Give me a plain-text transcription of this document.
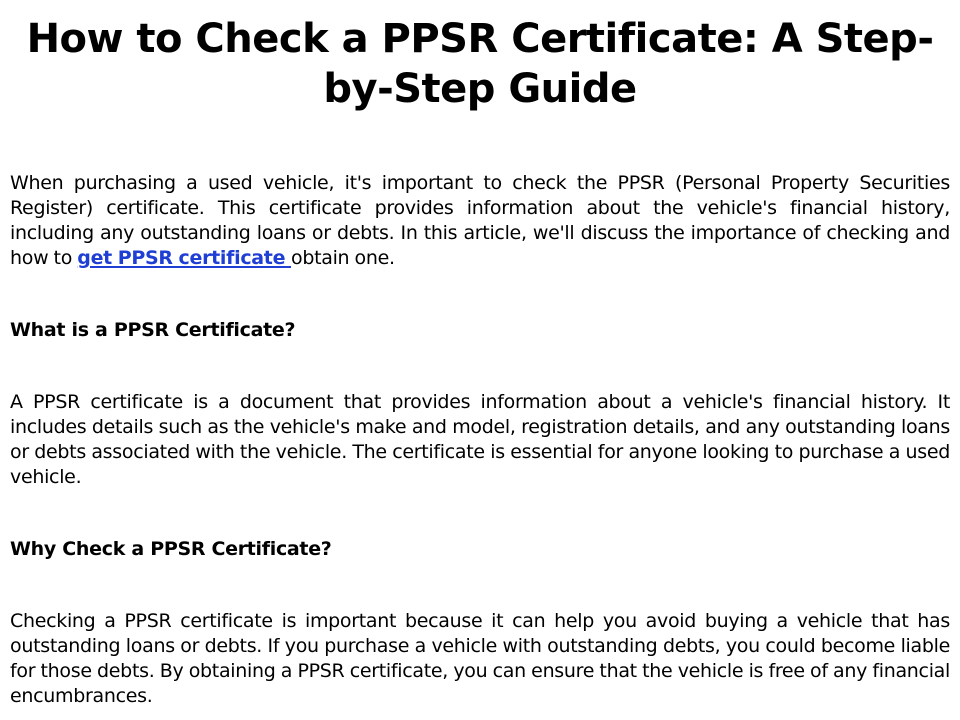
How to Check a PPSR Certificate: A Step-by-Step Guide

When purchasing a used vehicle, it's important to check the PPSR (Personal Property Securities Register) certificate. This certificate provides information about the vehicle's financial history, including any outstanding loans or debts. In this article, we'll discuss the importance of checking and how to get PPSR certificate obtain one.

What is a PPSR Certificate?

A PPSR certificate is a document that provides information about a vehicle's financial history. It includes details such as the vehicle's make and model, registration details, and any outstanding loans or debts associated with the vehicle. The certificate is essential for anyone looking to purchase a used vehicle.

Why Check a PPSR Certificate?

Checking a PPSR certificate is important because it can help you avoid buying a vehicle that has outstanding loans or debts. If you purchase a vehicle with outstanding debts, you could become liable for those debts. By obtaining a PPSR certificate, you can ensure that the vehicle is free of any financial encumbrances.
